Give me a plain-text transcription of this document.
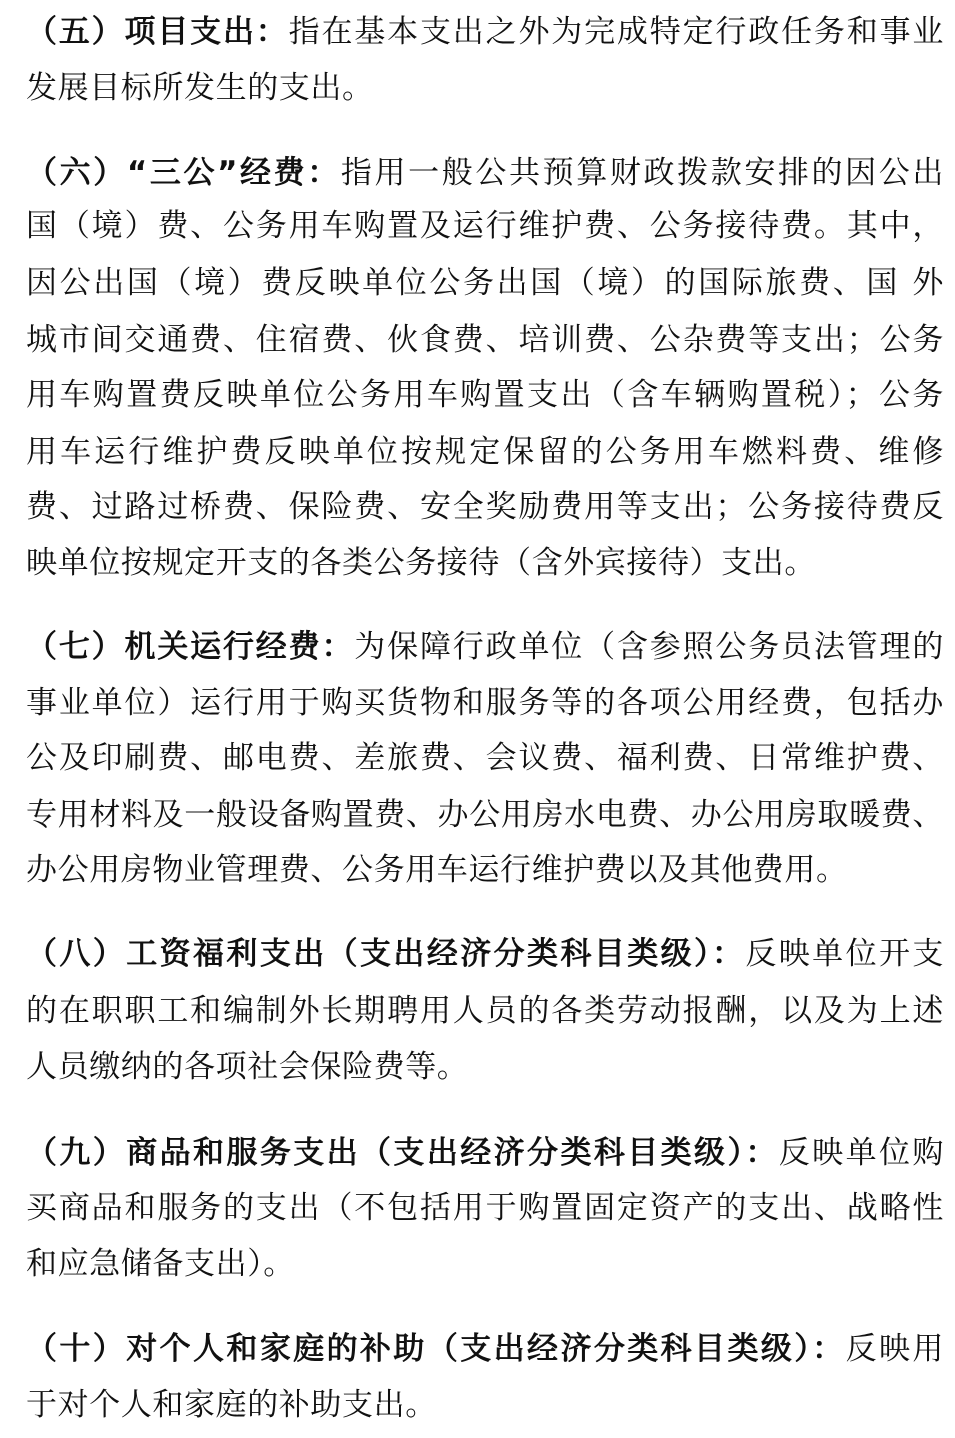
（五）项目支出：指在基本支出之外为完成特定行政任务和事业
发展目标所发生的支出。
（六）“三公”经费：指用一般公共预算财政拨款安排的因公出
国（境）费、公务用车购置及运行维护费、公务接待费。其中，
因公出国（境）费反映单位公务出国（境）的国际旅费、国 外
城市间交通费、住宿费、伙食费、培训费、公杂费等支出；公务
用车购置费反映单位公务用车购置支出（含车辆购置税）；公务
用车运行维护费反映单位按规定保留的公务用车燃料费、维修
费、过路过桥费、保险费、安全奖励费用等支出；公务接待费反
映单位按规定开支的各类公务接待（含外宾接待）支出。
（七）机关运行经费：为保障行政单位（含参照公务员法管理的
事业单位）运行用于购买货物和服务等的各项公用经费，包括办
公及印刷费、邮电费、差旅费、会议费、福利费、日常维护费、
专用材料及一般设备购置费、办公用房水电费、办公用房取暖费、
办公用房物业管理费、公务用车运行维护费以及其他费用。
（八）工资福利支出（支出经济分类科目类级）：反映单位开支
的在职职工和编制外长期聘用人员的各类劳动报酬，以及为上述
人员缴纳的各项社会保险费等。
（九）商品和服务支出（支出经济分类科目类级）：反映单位购
买商品和服务的支出（不包括用于购置固定资产的支出、战略性
和应急储备支出）。
（十）对个人和家庭的补助（支出经济分类科目类级）：反映用
于对个人和家庭的补助支出。
